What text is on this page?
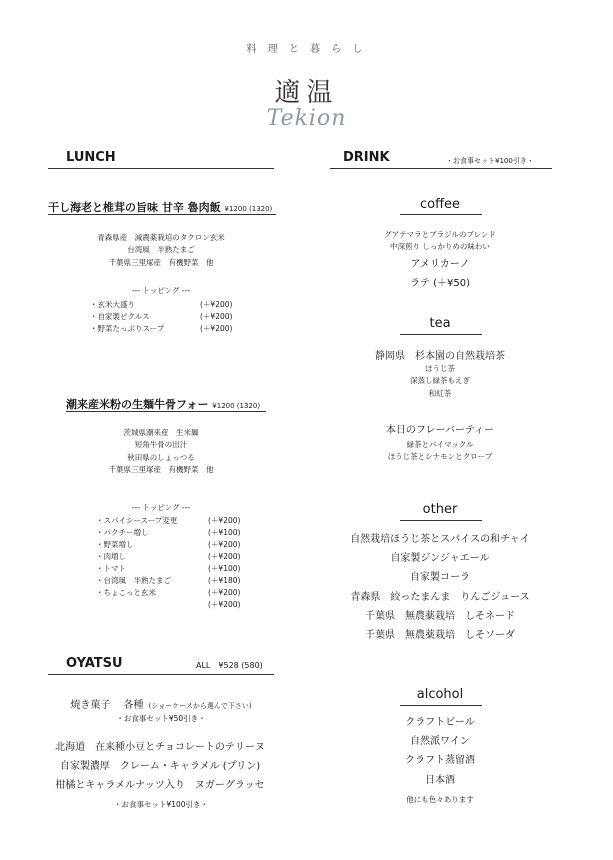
料 理 と 暮 ら し
適温
Tekion
LUNCH
干し海老と椎茸の旨味 甘辛 魯肉飯 ¥1200 (1320)
青森県産　減農薬栽培のタクロン玄米
台湾風　半熟たまご
千葉県三里塚産　有機野菜　他
--- トッピング ---
・玄米大盛り	(＋¥200)
・自家製ピクルス	(＋¥200)
・野菜たっぷりスープ	(＋¥200)
潮来産米粉の生麺牛骨フォー ¥1200 (1320)
茨城県潮来産　生米麺
短角牛骨の出汁
秋田県のしょっつる
千葉県三里塚産　有機野菜　他
--- トッピング ---
・スパイシースープ変更	(＋¥200)
・パクチー増し	(＋¥100)
・野菜増し	(＋¥200)
・肉増し	(＋¥200)
・トマト	(＋¥100)
・台湾風　半熟たまご	(＋¥180)
・ちょこっと玄米	(＋¥200)
(＋¥200)
OYATSU	ALL　¥528 (580)
焼き菓子　 各種 (ショーケースから選んで下さい)
・お食事セット¥50引き・
北海道　在来種小豆とチョコレートのテリーヌ
自家製濃厚　クレーム・キャラメル (プリン)
柑橘とキャラメルナッツ入り　ヌガーグラッセ
・お食事セット¥100引き・
DRINK	・お食事セット¥100引き・
coffee
グアテマラとブラジルのブレンド
中深煎り しっかりめの味わい
アメリカーノ
ラテ (＋¥50)
tea
静岡県　杉本園の自然栽培茶
ほうじ茶
深蒸し緑茶もえぎ
和紅茶
本日のフレーバーティー
緑茶とパイマックル
ほうじ茶とシナモンとクローブ
other
自然栽培ほうじ茶とスパイスの和チャイ
自家製ジンジャエール
自家製コーラ
青森県　絞ったまんま　りんごジュース
千葉県　無農薬栽培　しそネード
千葉県　無農薬栽培　しそソーダ
alcohol
クラフトビール
自然派ワイン
クラフト蒸留酒
日本酒
他にも色々あります
